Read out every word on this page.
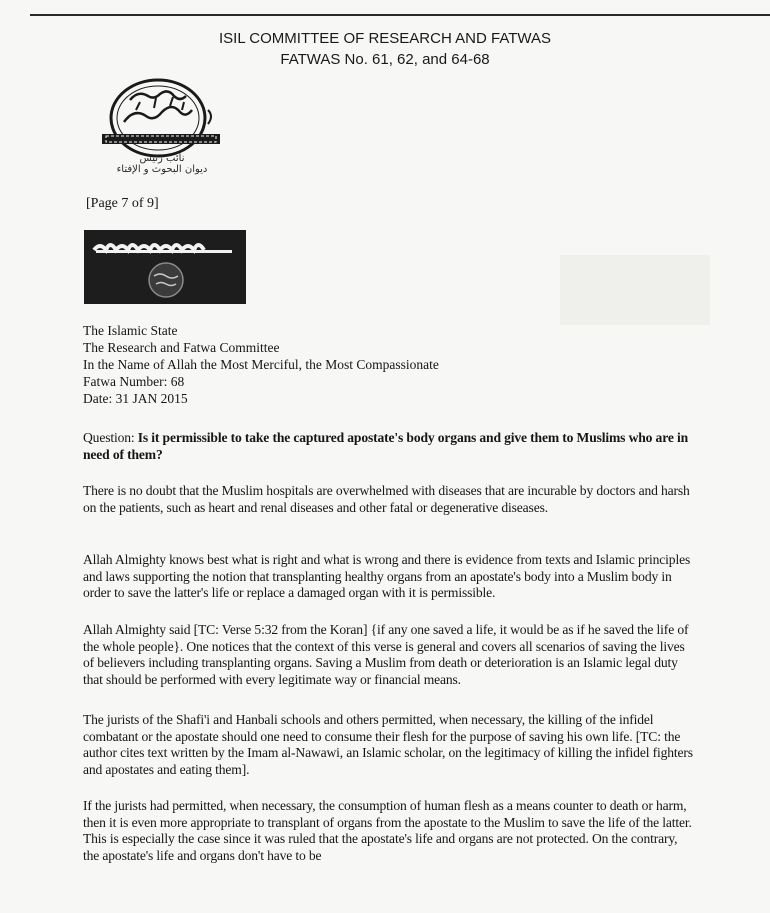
ISIL COMMITTEE OF RESEARCH AND FATWAS
FATWAS No. 61, 62, and 64-68
نائب رئيس
ديوان البحوث و الإفتاء
[Page 7 of 9]
The Islamic State
The Research and Fatwa Committee
In the Name of Allah the Most Merciful, the Most Compassionate
Fatwa Number: 68
Date: 31 JAN 2015
Question: Is it permissible to take the captured apostate's body organs and give them to Muslims who are in need of them?

There is no doubt that the Muslim hospitals are overwhelmed with diseases that are incurable by doctors and harsh on the patients, such as heart and renal diseases and other fatal or degenerative diseases.

Allah Almighty knows best what is right and what is wrong and there is evidence from texts and Islamic principles and laws supporting the notion that transplanting healthy organs from an apostate's body into a Muslim body in order to save the latter's life or replace a damaged organ with it is permissible.

Allah Almighty said [TC: Verse 5:32 from the Koran] {if any one saved a life, it would be as if he saved the life of the whole people}. One notices that the context of this verse is general and covers all scenarios of saving the lives of believers including transplanting organs. Saving a Muslim from death or deterioration is an Islamic legal duty that should be performed with every legitimate way or financial means.

The jurists of the Shafi'i and Hanbali schools and others permitted, when necessary, the killing of the infidel combatant or the apostate should one need to consume their flesh for the purpose of saving his own life. [TC: the author cites text written by the Imam al-Nawawi, an Islamic scholar, on the legitimacy of killing the infidel fighters and apostates and eating them].

If the jurists had permitted, when necessary, the consumption of human flesh as a means counter to death or harm, then it is even more appropriate to transplant of organs from the apostate to the Muslim to save the life of the latter. This is especially the case since it was ruled that the apostate's life and organs are not protected. On the contrary, the apostate's life and organs don't have to be
